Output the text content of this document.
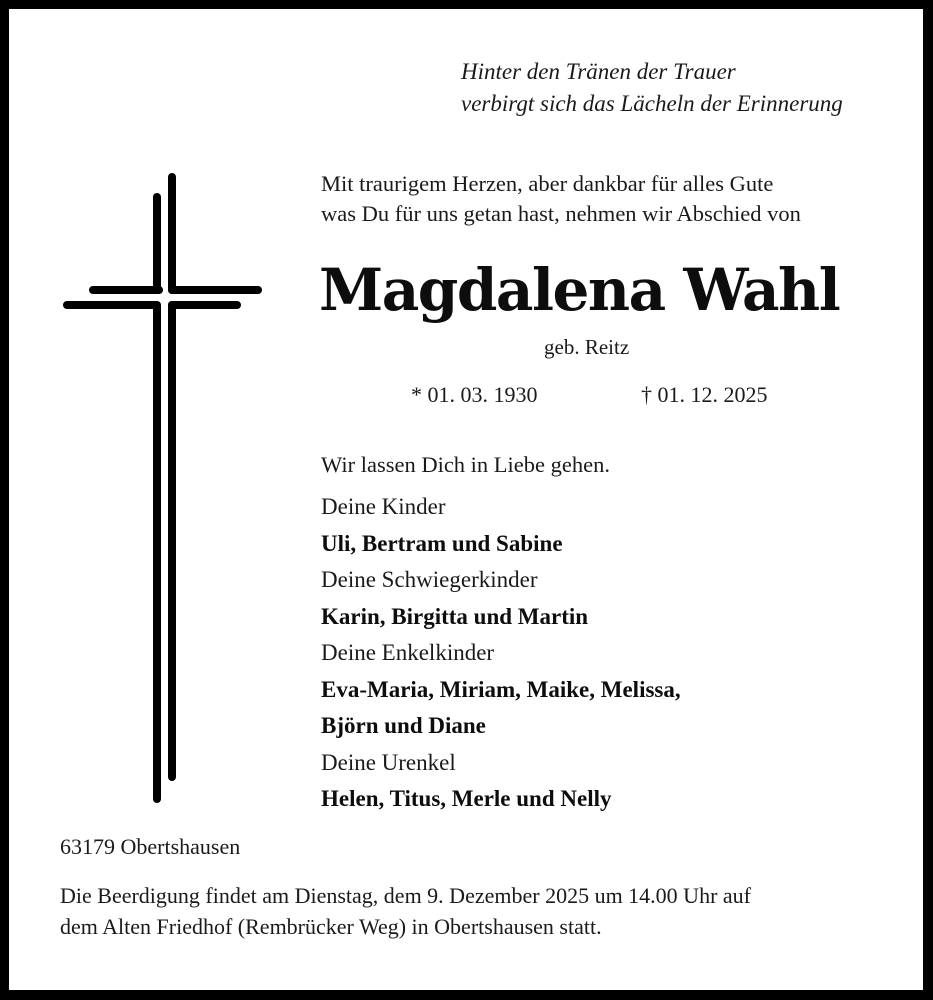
Hinter den Tränen der Trauer
verbirgt sich das Lächeln der Erinnerung
Mit traurigem Herzen, aber dankbar für alles Gute
was Du für uns getan hast, nehmen wir Abschied von
Magdalena Wahl
geb. Reitz
* 01. 03. 1930	† 01. 12. 2025
Wir lassen Dich in Liebe gehen.
Deine Kinder
Uli, Bertram und Sabine
Deine Schwiegerkinder
Karin, Birgitta und Martin
Deine Enkelkinder
Eva-Maria, Miriam, Maike, Melissa,
Björn und Diane
Deine Urenkel
Helen, Titus, Merle und Nelly
63179 Obertshausen
Die Beerdigung findet am Dienstag, dem 9. Dezember 2025 um 14.00 Uhr auf
dem Alten Friedhof (Rembrücker Weg) in Obertshausen statt.
